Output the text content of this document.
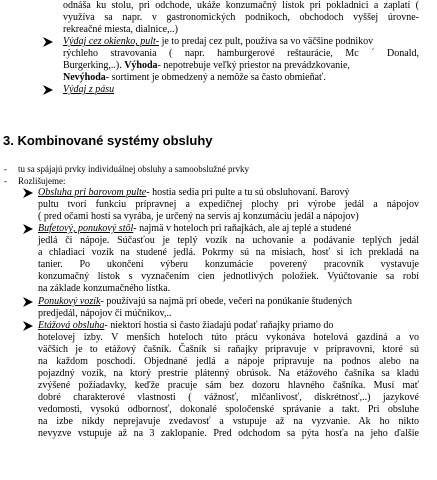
odnáša ku stolu, pri odchode, ukáže konzumačný lístok pri pokladnici a zaplatí (
využíva sa napr. v gastronomických podnikoch, obchodoch vyššej úrovne-
rekreačné miesta, dialnice,..)
Výdaj cez okienko, pult- je to predaj cez pult, používa sa vo väčšine podnikov
rýchleho stravovania ( napr. hamburgerové reštaurácie, Mc ´ Donald,
Burgerking,..). Výhoda- nepotrebuje veľký priestor na prevádzkovanie,
Nevýhoda- sortiment je obmedzený a nemôže sa často obmieňať.
Výdaj z pásu
3. Kombinované systémy obsluhy
- tu sa spájajú prvky individuálnej obsluhy a samoobslužné prvky
- Rozlišujeme:
Obsluha pri barovom pulte- hostia sedia pri pulte a tu sú obsluhovaní. Barový
pultu tvorí funkciu prípravnej a expedičnej plochy pri výrobe jedál a nápojov
( pred očami hostí sa vyrába, je určený na servis aj konzumáciu jedál a nápojov)
Bufetový, ponukový stôl- najmä v hoteloch pri raňajkách, ale aj teplé a studené
jedlá či nápoje. Súčasťou je teplý vozík na uchovanie a podávanie teplých jedál
a chladiaci vozík na studené jedlá. Pokrmy sú na misiach, hosť si ich prekladá na
tanier. Po ukončení výberu konzumácie poverený pracovník vystavuje
konzumačný lístok s vyznačením cien jednotlivých položiek. Vyúčtovanie sa robí
na základe konzumačného lístka.
Ponukový vozík- používajú sa najmä pri obede, večeri na ponúkanie študených
predjedál, nápojov či múčnikov,..
Etážová obsluha- niektorí hostia si často žiadajú podať raňajky priamo do
hotelovej izby. V menších hoteloch túto prácu vykonáva hotelová gazdiná a vo
väčších je to etážový čašník. Čašník si raňajky pripravuje v prípravovni, ktoré sú
na každom poschodí. Objednané jedlá a nápoje pripravuje na podnos alebo na
pojazdný vozík, na ktorý prestrie plátenný obrúsok. Na etážového čašníka sa kladú
zvýšené požiadavky, keďže pracuje sám bez dozoru hlavného čašníka. Musí mať
dobré charakterové vlastnosti ( vážnosť, mlčanlivosť, diskrétnosť,..) jazykové
vedomosti, vysokú odbornosť, dokonalé spoločenské správanie a takt. Pri obsluhe
na izbe nikdy neprejavuje zvedavosť a vstupuje až na vyzvanie. Ak ho nikto
nevyzve vstupuje až na 3 zaklopanie. Pred odchodom sa pýta hosťa na jeho ďalšie
